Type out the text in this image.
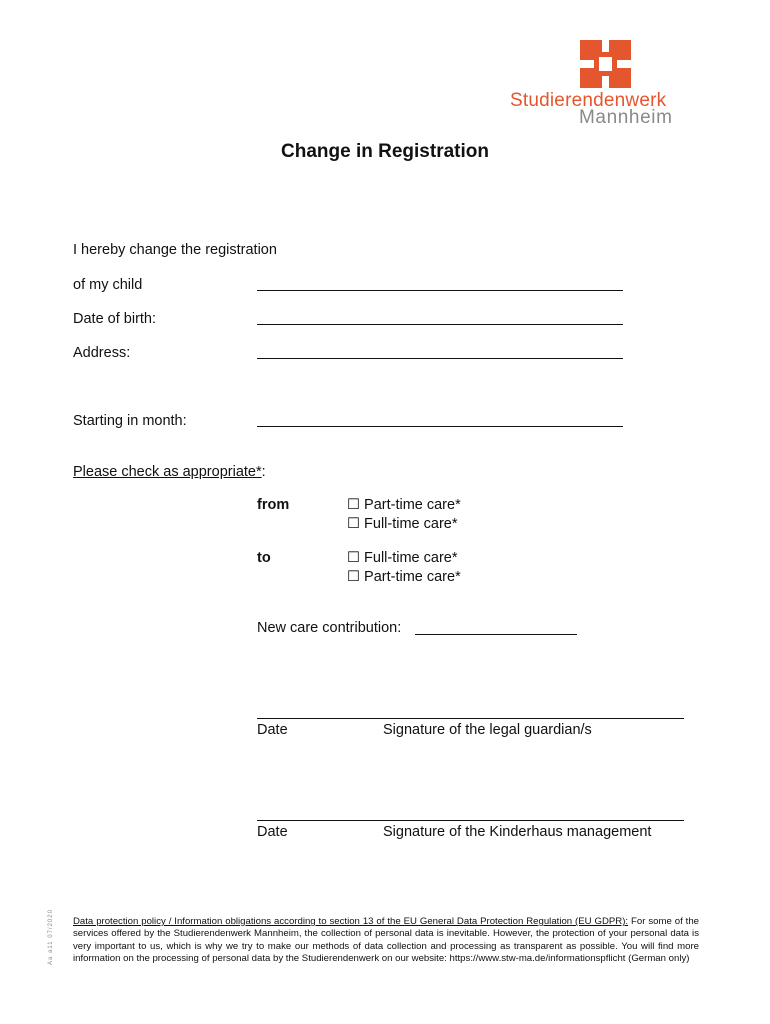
Studierendenwerk
Mannheim
Change in Registration
I hereby change the registration
of my child
Date of birth:
Address:
Starting in month:
Please check as appropriate*:
from	☐ Part-time care*
☐ Full-time care*
to	☐ Full-time care*
☐ Part-time care*
New care contribution:
Date	Signature of the legal guardian/s
Date	Signature of the Kinderhaus management
Aa a11 07/2020 Data protection policy / Information obligations according to section 13 of the EU General Data Protection Regulation (EU GDPR): For some of the services offered by the Studierendenwerk Mannheim, the collection of personal data is inevitable. However, the protection of your personal data is very important to us, which is why we try to make our methods of data collection and processing as transparent as possible. You will find more information on the processing of personal data by the Studierendenwerk on our website: https://www.stw-ma.de/informationspflicht (German only)
